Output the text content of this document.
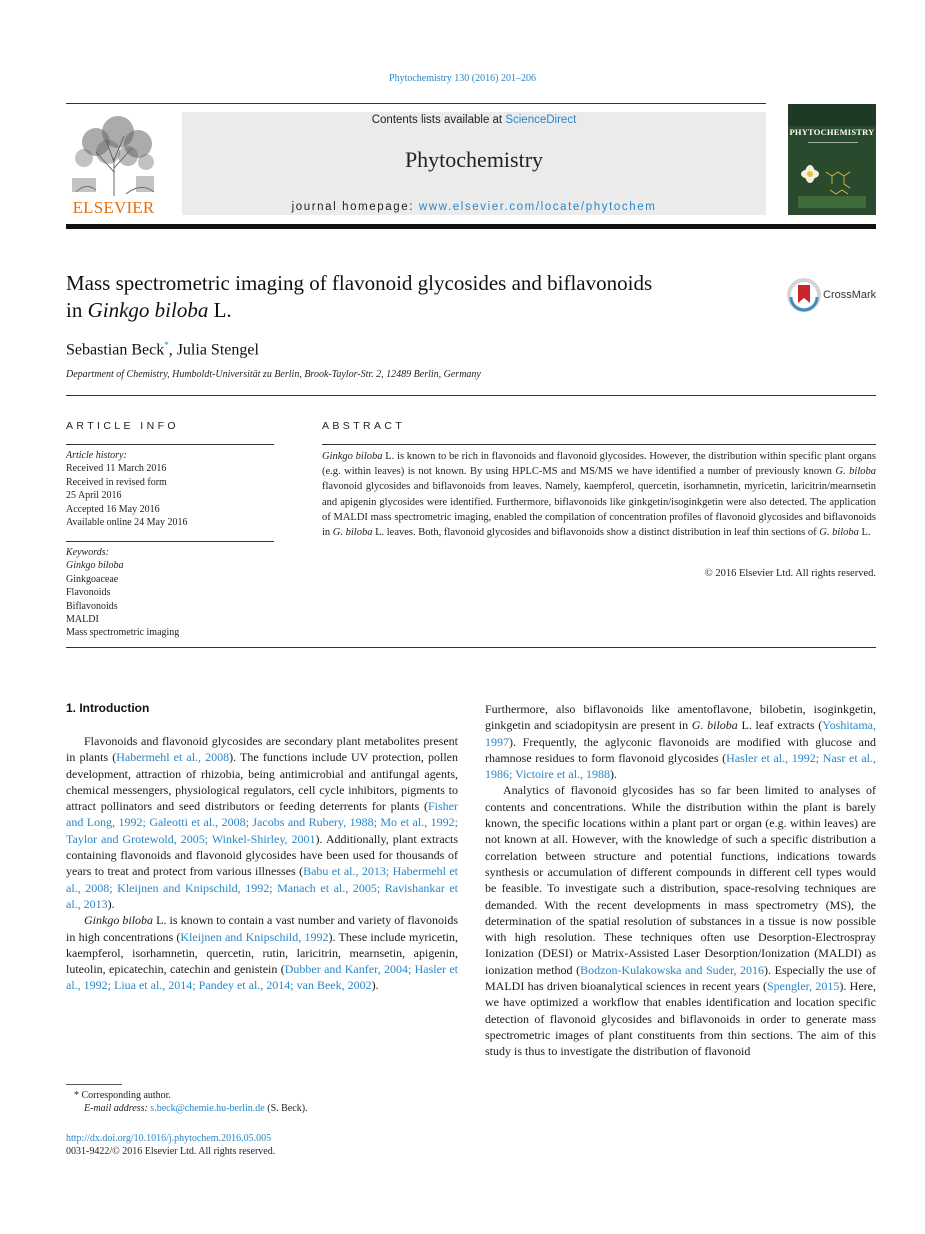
Phytochemistry 130 (2016) 201–206
ELSEVIER
Contents lists available at ScienceDirect
Phytochemistry
journal homepage: www.elsevier.com/locate/phytochem
PHYTOCHEMISTRY
Mass spectrometric imaging of flavonoid glycosides and biflavonoids
in Ginkgo biloba L.
CrossMark
Sebastian Beck*, Julia Stengel
Department of Chemistry, Humboldt-Universität zu Berlin, Brook-Taylor-Str. 2, 12489 Berlin, Germany
ARTICLE INFO
Article history:
Received 11 March 2016
Received in revised form
25 April 2016
Accepted 16 May 2016
Available online 24 May 2016
Keywords:
Ginkgo biloba
Ginkgoaceae
Flavonoids
Biflavonoids
MALDI
Mass spectrometric imaging
ABSTRACT
Ginkgo biloba L. is known to be rich in flavonoids and flavonoid glycosides. However, the distribution within specific plant organs (e.g. within leaves) is not known. By using HPLC-MS and MS/MS we have identified a number of previously known G. biloba flavonoid glycosides and biflavonoids from leaves. Namely, kaempferol, quercetin, isorhamnetin, myricetin, laricitrin/mearnsetin and apigenin glycosides were identified. Furthermore, biflavonoids like ginkgetin/isoginkgetin were also detected. The application of MALDI mass spectrometric imaging, enabled the compilation of concentration profiles of flavonoid glycosides and biflavonoids in G. biloba L. leaves. Both, flavonoid glycosides and biflavonoids show a distinct distribution in leaf thin sections of G. biloba L.
© 2016 Elsevier Ltd. All rights reserved.
1. Introduction

Flavonoids and flavonoid glycosides are secondary plant metabolites present in plants (Habermehl et al., 2008). The functions include UV protection, pollen development, attraction of rhizobia, being antimicrobial and antifungal agents, chemical messengers, physiological regulators, cell cycle inhibitors, pigments to attract pollinators and seed distributors or feeding deterrents for plants (Fisher and Long, 1992; Galeotti et al., 2008; Jacobs and Rubery, 1988; Mo et al., 1992; Taylor and Grotewold, 2005; Winkel-Shirley, 2001). Additionally, plant extracts containing flavonoids and flavonoid glycosides have been used for thousands of years to treat and protect from various illnesses (Babu et al., 2013; Habermehl et al., 2008; Kleijnen and Knipschild, 1992; Manach et al., 2005; Ravishankar et al., 2013).

Ginkgo biloba L. is known to contain a vast number and variety of flavonoids in high concentrations (Kleijnen and Knipschild, 1992). These include myricetin, kaempferol, isorhamnetin, quercetin, rutin, laricitrin, mearnsetin, apigenin, luteolin, epicatechin, catechin and genistein (Dubber and Kanfer, 2004; Hasler et al., 1992; Liua et al., 2014; Pandey et al., 2014; van Beek, 2002).

Furthermore, also biflavonoids like amentoflavone, bilobetin, isoginkgetin, ginkgetin and sciadopitysin are present in G. biloba L. leaf extracts (Yoshitama, 1997). Frequently, the aglyconic flavonoids are modified with glucose and rhamnose residues to form flavonoid glycosides (Hasler et al., 1992; Nasr et al., 1986; Victoire et al., 1988).

Analytics of flavonoid glycosides has so far been limited to analyses of contents and concentrations. While the distribution within the plant is barely known, the specific locations within a plant part or organ (e.g. within leaves) are not known at all. However, with the knowledge of such a specific distribution a correlation between structure and potential functions, indications towards synthesis or accumulation of different compounds in different cell types would be feasible. To investigate such a distribution, space-resolving techniques are demanded. With the recent developments in mass spectrometry (MS), the determination of the spatial resolution of substances in a tissue is now possible with high resolution. These techniques often use Desorption-Electrospray Ionization (DESI) or Matrix-Assisted Laser Desorption/Ionization (MALDI) as ionization method (Bodzon-Kulakowska and Suder, 2016). Especially the use of MALDI has driven bioanalytical sciences in recent years (Spengler, 2015). Here, we have optimized a workflow that enables identification and location specific detection of flavonoid glycosides and biflavonoids in order to generate mass spectrometric images of plant constituents from thin sections. The aim of this study is thus to investigate the distribution of flavonoid

* Corresponding author.
E-mail address: s.beck@chemie.hu-berlin.de (S. Beck).
http://dx.doi.org/10.1016/j.phytochem.2016.05.005
0031-9422/© 2016 Elsevier Ltd. All rights reserved.
